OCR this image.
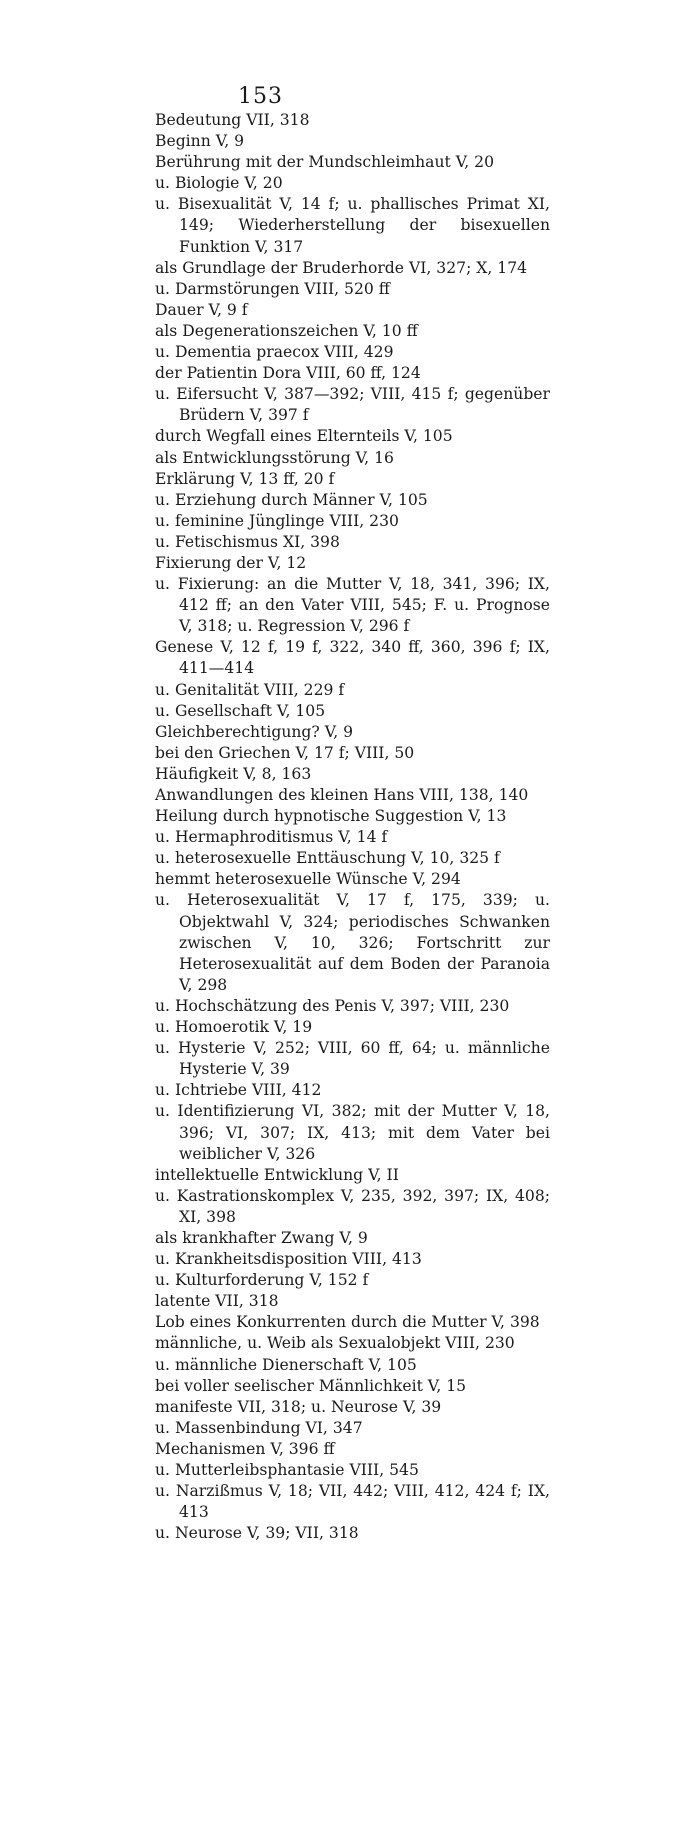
153
Bedeutung VII, 318
Beginn V, 9
Berührung mit der Mundschleimhaut V, 20
u. Biologie V, 20
u. Bisexualität V, 14 f; u. phallisches Primat XI, 149; Wiederherstellung der bisexuellen Funktion V, 317
als Grundlage der Bruderhorde VI, 327; X, 174
u. Darmstörungen VIII, 520 ff
Dauer V, 9 f
als Degenerationszeichen V, 10 ff
u. Dementia praecox VIII, 429
der Patientin Dora VIII, 60 ff, 124
u. Eifersucht V, 387—392; VIII, 415 f; gegenüber Brüdern V, 397 f
durch Wegfall eines Elternteils V, 105
als Entwicklungsstörung V, 16
Erklärung V, 13 ff, 20 f
u. Erziehung durch Männer V, 105
u. feminine Jünglinge VIII, 230
u. Fetischismus XI, 398
Fixierung der V, 12
u. Fixierung: an die Mutter V, 18, 341, 396; IX, 412 ff; an den Vater VIII, 545; F. u. Prognose V, 318; u. Regression V, 296 f
Genese V, 12 f, 19 f, 322, 340 ff, 360, 396 f; IX, 411—414
u. Genitalität VIII, 229 f
u. Gesellschaft V, 105
Gleichberechtigung? V, 9
bei den Griechen V, 17 f; VIII, 50
Häufigkeit V, 8, 163
Anwandlungen des kleinen Hans VIII, 138, 140
Heilung durch hypnotische Suggestion V, 13
u. Hermaphroditismus V, 14 f
u. heterosexuelle Enttäuschung V, 10, 325 f
hemmt heterosexuelle Wünsche V, 294
u. Heterosexualität V, 17 f, 175, 339; u. Objektwahl V, 324; periodisches Schwanken zwischen V, 10, 326; Fortschritt zur Heterosexualität auf dem Boden der Paranoia V, 298
u. Hochschätzung des Penis V, 397; VIII, 230
u. Homoerotik V, 19
u. Hysterie V, 252; VIII, 60 ff, 64; u. männliche Hysterie V, 39
u. Ichtriebe VIII, 412
u. Identifizierung VI, 382; mit der Mutter V, 18, 396; VI, 307; IX, 413; mit dem Vater bei weiblicher V, 326
intellektuelle Entwicklung V, II
u. Kastrationskomplex V, 235, 392, 397; IX, 408; XI, 398
als krankhafter Zwang V, 9
u. Krankheitsdisposition VIII, 413
u. Kulturforderung V, 152 f
latente VII, 318
Lob eines Konkurrenten durch die Mutter V, 398
männliche, u. Weib als Sexualobjekt VIII, 230
u. männliche Dienerschaft V, 105
bei voller seelischer Männlichkeit V, 15
manifeste VII, 318; u. Neurose V, 39
u. Massenbindung VI, 347
Mechanismen V, 396 ff
u. Mutterleibsphantasie VIII, 545
u. Narzißmus V, 18; VII, 442; VIII, 412, 424 f; IX, 413
u. Neurose V, 39; VII, 318
